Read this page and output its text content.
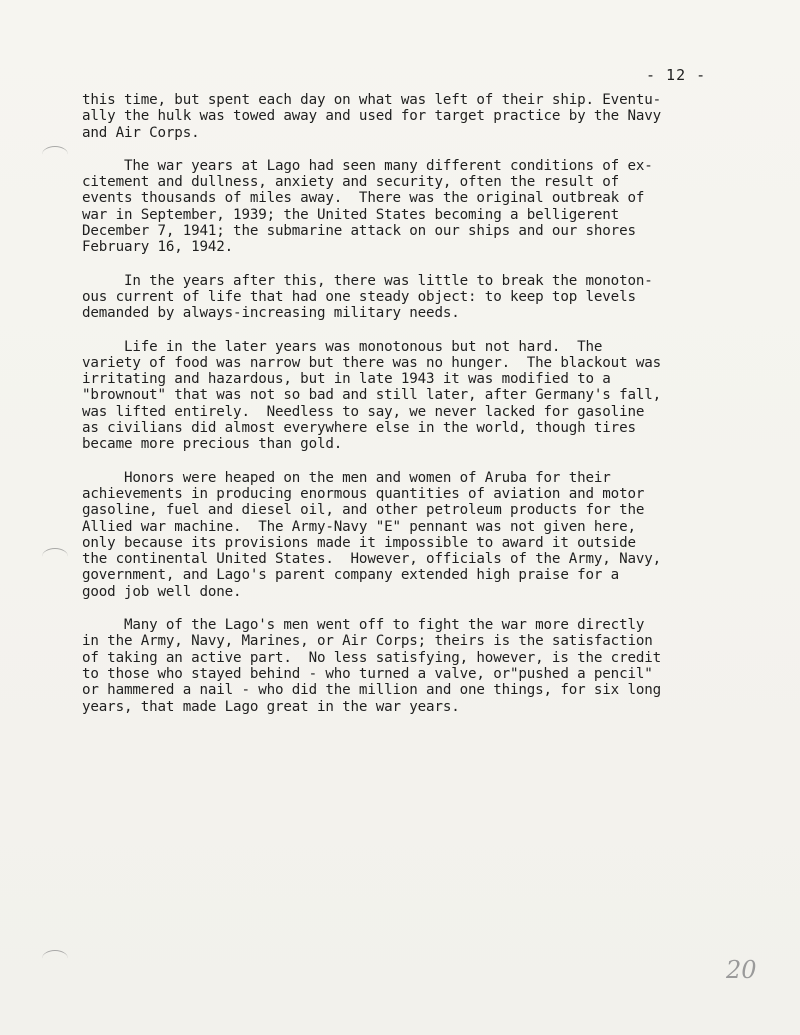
- 12 -
this time, but spent each day on what was left of their ship. Eventu-
ally the hulk was towed away and used for target practice by the Navy
and Air Corps.
The war years at Lago had seen many different conditions of ex-
citement and dullness, anxiety and security, often the result of
events thousands of miles away.  There was the original outbreak of
war in September, 1939; the United States becoming a belligerent
December 7, 1941; the submarine attack on our ships and our shores
February 16, 1942.
In the years after this, there was little to break the monoton-
ous current of life that had one steady object: to keep top levels
demanded by always-increasing military needs.
Life in the later years was monotonous but not hard.  The
variety of food was narrow but there was no hunger.  The blackout was
irritating and hazardous, but in late 1943 it was modified to a
"brownout" that was not so bad and still later, after Germany's fall,
was lifted entirely.  Needless to say, we never lacked for gasoline
as civilians did almost everywhere else in the world, though tires
became more precious than gold.
Honors were heaped on the men and women of Aruba for their
achievements in producing enormous quantities of aviation and motor
gasoline, fuel and diesel oil, and other petroleum products for the
Allied war machine.  The Army-Navy "E" pennant was not given here,
only because its provisions made it impossible to award it outside
the continental United States.  However, officials of the Army, Navy,
government, and Lago's parent company extended high praise for a
good job well done.
Many of the Lago's men went off to fight the war more directly
in the Army, Navy, Marines, or Air Corps; theirs is the satisfaction
of taking an active part.  No less satisfying, however, is the credit
to those who stayed behind - who turned a valve, or"pushed a pencil"
or hammered a nail - who did the million and one things, for six long
years, that made Lago great in the war years.
20
